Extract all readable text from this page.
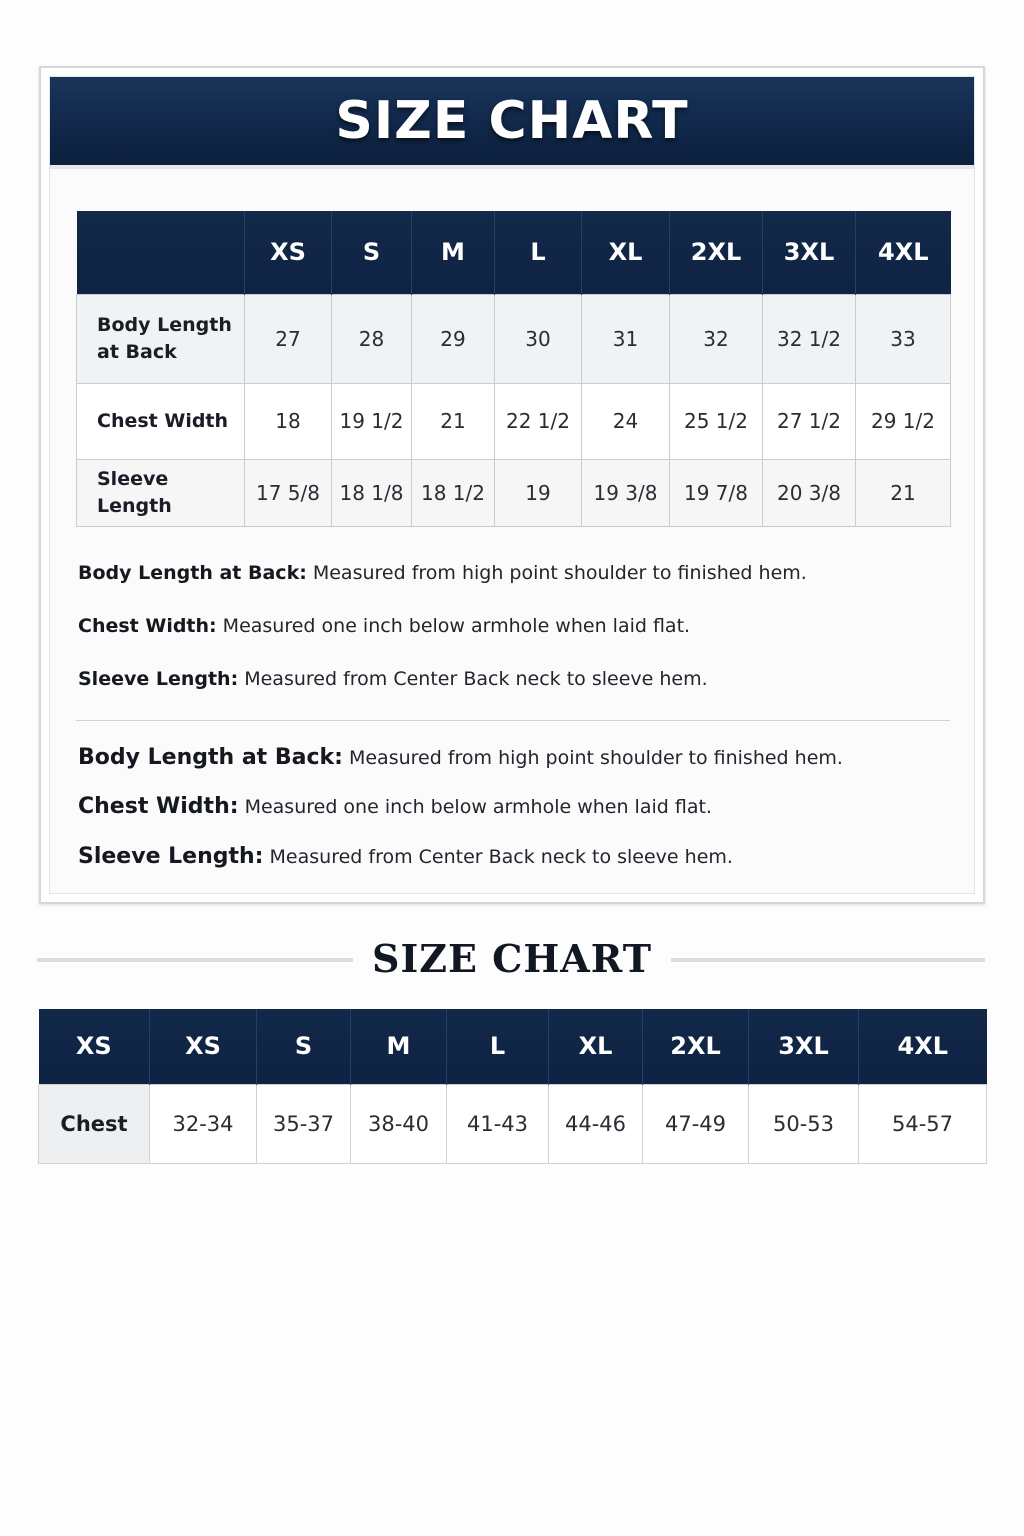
SIZE CHART
	XS	S	M	L	XL	2XL	3XL	4XL
Body Length
at Back	27	28	29	30	31	32	32 1/2	33
Chest Width	18	19 1/2	21	22 1/2	24	25 1/2	27 1/2	29 1/2
Sleeve Length	17 5/8	18 1/8	18 1/2	19	19 3/8	19 7/8	20 3/8	21
Body Length at Back: Measured from high point shoulder to finished hem.
Chest Width: Measured one inch below armhole when laid flat.
Sleeve Length: Measured from Center Back neck to sleeve hem.
Body Length at Back: Measured from high point shoulder to finished hem.
Chest Width: Measured one inch below armhole when laid flat.
Sleeve Length: Measured from Center Back neck to sleeve hem.
SIZE CHART
XS	XS	S	M	L	XL	2XL	3XL	4XL
Chest	32-34	35-37	38-40	41-43	44-46	47-49	50-53	54-57
